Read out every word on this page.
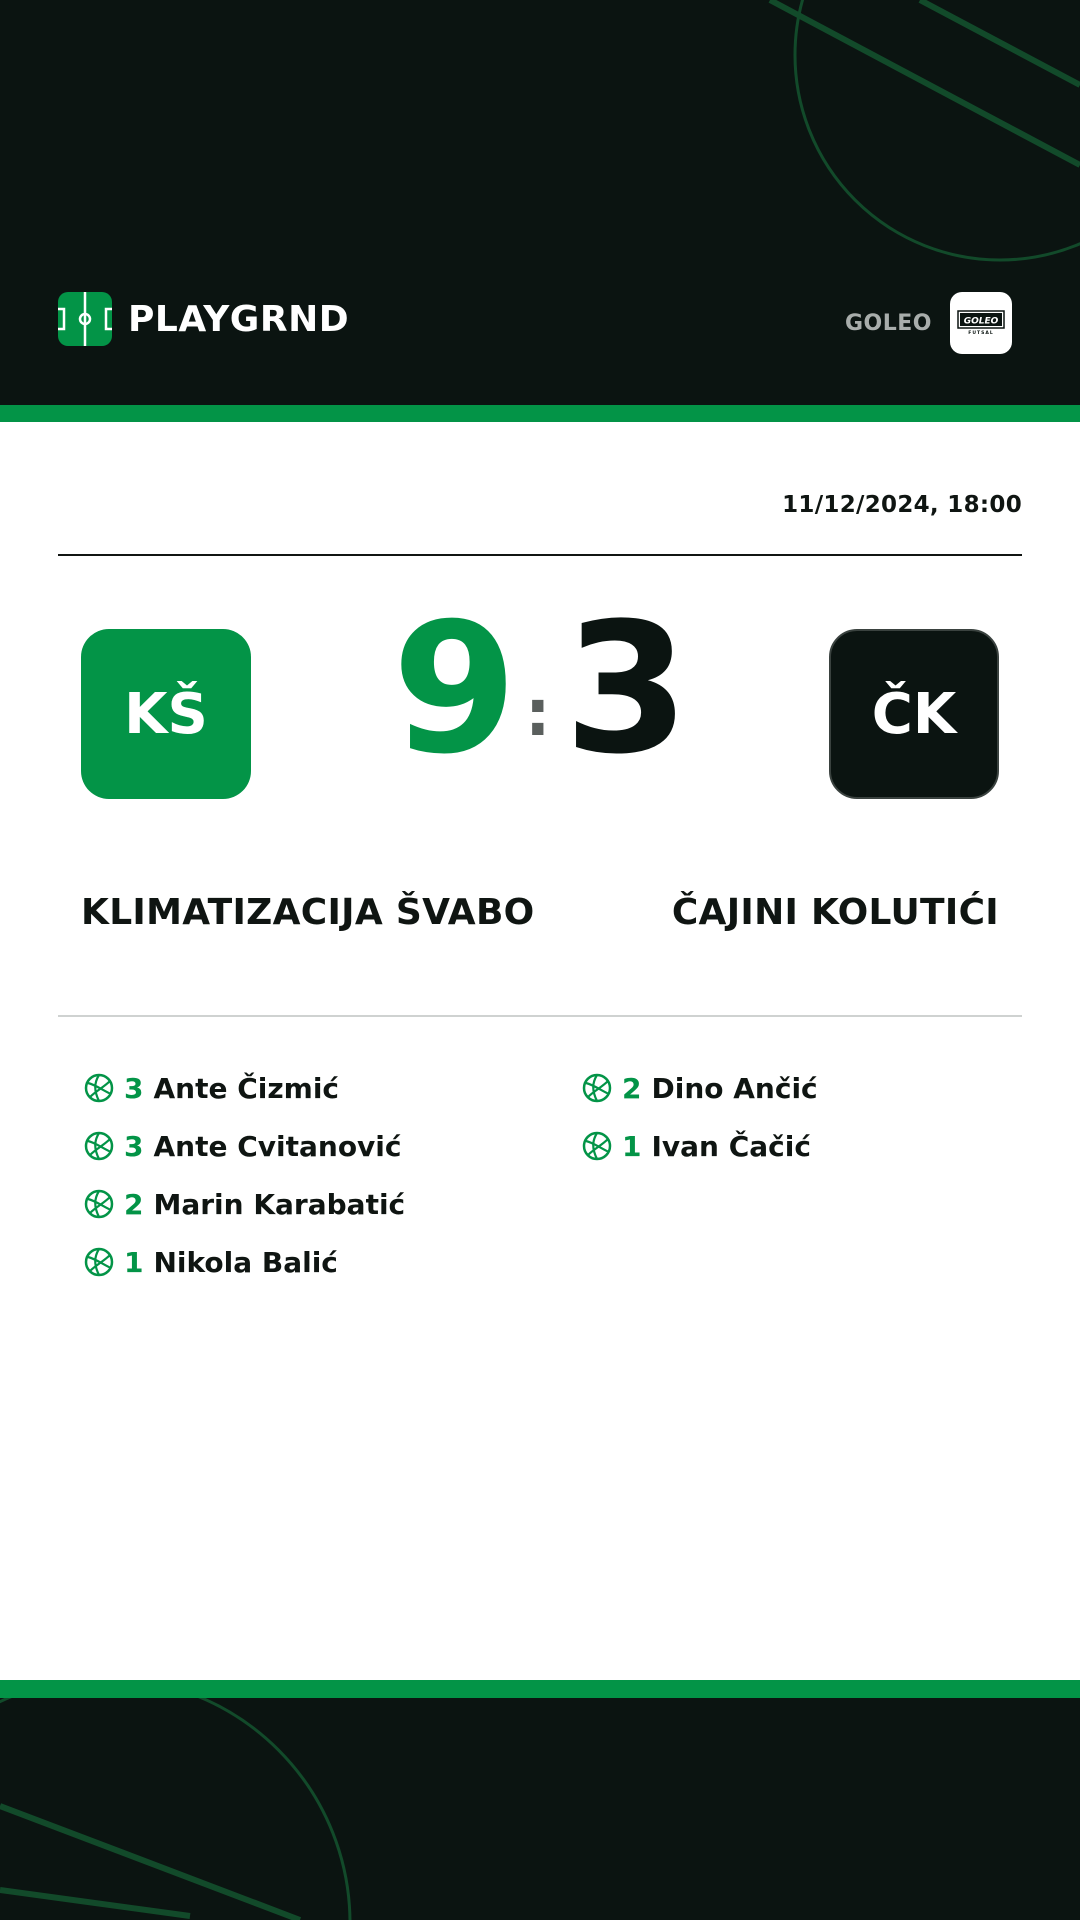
PLAYGRND	GOLEO	GOLEO
FUTSAL
11/12/2024, 18:00
KŠ 9 : 3	ČK
KLIMATIZACIJA ŠVABO	ČAJINI KOLUTIĆI
3 Ante Čizmić
3 Ante Cvitanović
2 Marin Karabatić
1 Nikola Balić
2 Dino Ančić
1 Ivan Čačić
